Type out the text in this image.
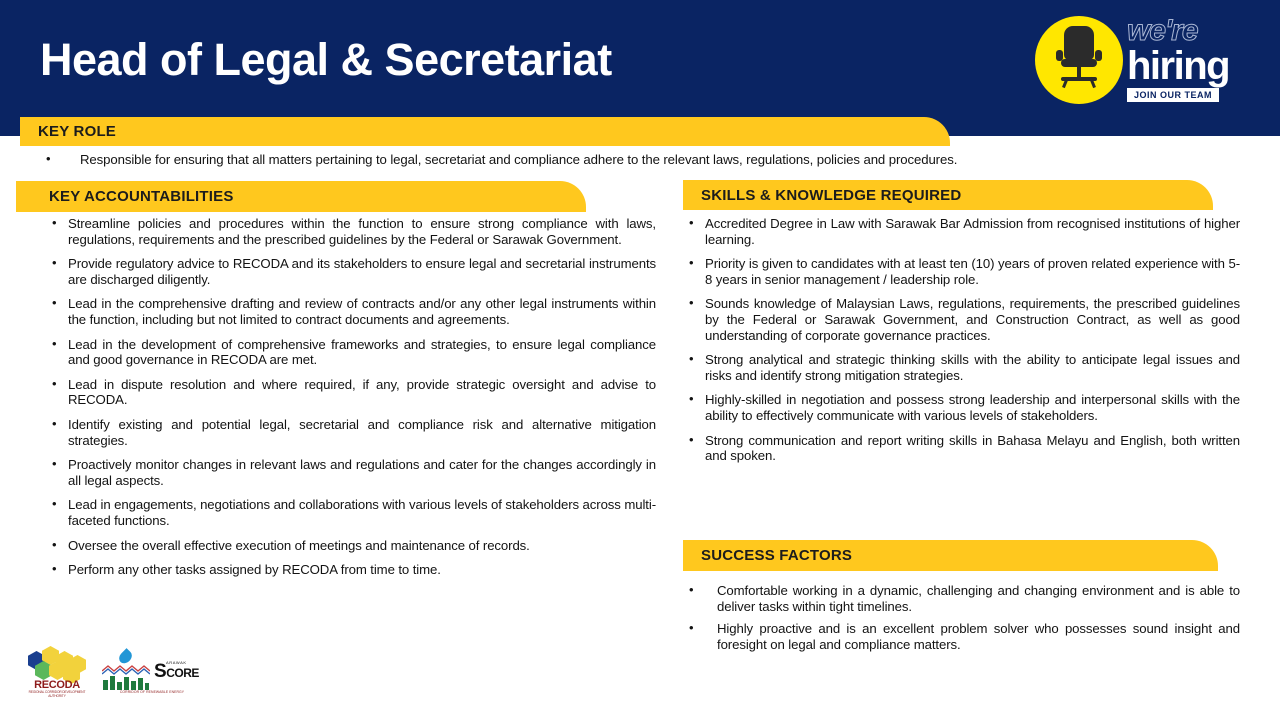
Head of Legal & Secretariat
we're
hiring
JOIN OUR TEAM
KEY ROLE
• Responsible for ensuring that all matters pertaining to legal, secretariat and compliance adhere to the relevant laws, regulations, policies and procedures.
KEY ACCOUNTABILITIES
• Streamline policies and procedures within the function to ensure strong compliance with laws, regulations, requirements and the prescribed guidelines by the Federal or Sarawak Government.
• Provide regulatory advice to RECODA and its stakeholders to ensure legal and secretarial instruments are discharged diligently.
• Lead in the comprehensive drafting and review of contracts and/or any other legal instruments within the function, including but not limited to contract documents and agreements.
• Lead in the development of comprehensive frameworks and strategies, to ensure legal compliance and good governance in RECODA are met.
• Lead in dispute resolution and where required, if any, provide strategic oversight and advise to RECODA.
• Identify existing and potential legal, secretarial and compliance risk and alternative mitigation strategies.
• Proactively monitor changes in relevant laws and regulations and cater for the changes accordingly in all legal aspects.
• Lead in engagements, negotiations and collaborations with various levels of stakeholders across multi-faceted functions.
• Oversee the overall effective execution of meetings and maintenance of records.
• Perform any other tasks assigned by RECODA from time to time.
SKILLS & KNOWLEDGE REQUIRED
• Accredited Degree in Law with Sarawak Bar Admission from recognised institutions of higher learning.
• Priority is given to candidates with at least ten (10) years of proven related experience with 5-8 years in senior management / leadership role.
• Sounds knowledge of Malaysian Laws, regulations, requirements, the prescribed guidelines by the Federal or Sarawak Government, and Construction Contract, as well as good understanding of corporate governance practices.
• Strong analytical and strategic thinking skills with the ability to anticipate legal issues and risks and identify strong mitigation strategies.
• Highly-skilled in negotiation and possess strong leadership and interpersonal skills with the ability to effectively communicate with various levels of stakeholders.
• Strong communication and report writing skills in Bahasa Melayu and English, both written and spoken.
SUCCESS FACTORS
• Comfortable working in a dynamic, challenging and changing environment and is able to deliver tasks within tight timelines.
• Highly proactive and is an excellent problem solver who possesses sound insight and foresight on legal and compliance matters.
RECODA
REGIONAL CORRIDOR DEVELOPMENT AUTHORITY
ARAWAK
SCORE
CORRIDOR OF RENEWABLE ENERGY
